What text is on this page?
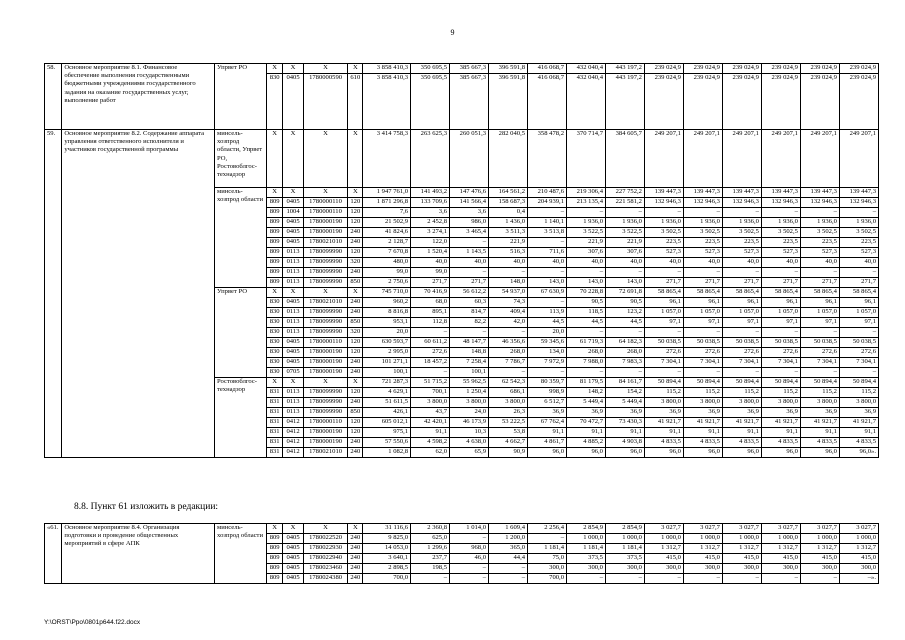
9
58.	Основное мероприятие 8.1. Финансовое обеспечение выполнения государственными бюджетными учреждениями государственного задания на оказание государственных услуг, выполнение работ	Упрвет РО	X	X	X	X	3 858 410,3	350 695,5	385 667,3	396 591,8	416 068,7	432 040,4	443 197,2	239 024,9	239 024,9	239 024,9	239 024,9	239 024,9	239 024,9
			830	0405	1780000590	610	3 858 410,3	350 695,5	385 667,3	396 591,8	416 068,7	432 040,4	443 197,2	239 024,9	239 024,9	239 024,9	239 024,9	239 024,9	239 024,9
59.	Основное мероприятие 8.2. Содержание аппарата управления ответственного исполнителя и участников государственной программы	минсель-хозпрод области, Упрвет РО, Ростовоблгос-технадзор	X	X	X	X	3 414 758,3	263 625,3	260 051,3	282 040,5	358 478,2	370 714,7	384 605,7	249 207,1	249 207,1	249 207,1	249 207,1	249 207,1	249 207,1
		минсель-хозпрод области	X	X	X	X	1 947 761,0	141 493,2	147 476,6	164 561,2	210 487,6	219 306,4	227 752,2	139 447,3	139 447,3	139 447,3	139 447,3	139 447,3	139 447,3
			809	0405	1780000110	120	1 871 296,8	133 709,6	141 566,4	158 687,3	204 939,1	213 135,4	221 581,2	132 946,3	132 946,3	132 946,3	132 946,3	132 946,3	132 946,3
			809	1004	1780000110	120	7,6	3,6	3,6	0,4	–	–	–	–	–	–	–	–	–
			809	0405	1780000190	120	21 502,9	2 452,8	986,0	1 436,0	1 140,1	1 936,0	1 936,0	1 936,0	1 936,0	1 936,0	1 936,0	1 936,0	1 936,0
			809	0405	1780000190	240	41 824,6	3 274,1	3 465,4	3 511,3	3 513,8	3 522,5	3 522,5	3 502,5	3 502,5	3 502,5	3 502,5	3 502,5	3 502,5
			809	0405	1780021010	240	2 128,7	122,0	–	221,9	–	221,9	221,9	223,5	223,5	223,5	223,5	223,5	223,5
			809	0113	1780099990	120	7 670,8	1 520,4	1 143,5	516,3	711,6	307,6	307,6	527,3	527,3	527,3	527,3	527,3	527,3
			809	0113	1780099990	320	480,0	40,0	40,0	40,0	40,0	40,0	40,0	40,0	40,0	40,0	40,0	40,0	40,0
			809	0113	1780099990	240	99,0	99,0	–	–	–	–	–	–	–	–	–	–	–
			809	0113	1780099990	850	2 750,6	271,7	271,7	148,0	143,0	143,0	143,0	271,7	271,7	271,7	271,7	271,7	271,7
		Упрвет РО	X	X	X	X	745 710,0	70 416,9	56 612,2	54 937,0	67 630,9	70 228,8	72 691,8	58 865,4	58 865,4	58 865,4	58 865,4	58 865,4	58 865,4
			830	0405	1780021010	240	960,2	68,0	60,3	74,3	–	90,5	90,5	96,1	96,1	96,1	96,1	96,1	96,1
			830	0113	1780099990	240	8 816,8	895,1	814,7	409,4	113,9	118,5	123,2	1 057,0	1 057,0	1 057,0	1 057,0	1 057,0	1 057,0
			830	0113	1780099990	850	953,1	112,8	82,2	42,0	44,5	44,5	44,5	97,1	97,1	97,1	97,1	97,1	97,1
			830	0113	1780099990	320	20,0	–	–	–	20,0	–	–	–	–	–	–	–	–
			830	0405	1780000110	120	630 593,7	60 611,2	48 147,7	46 356,6	59 345,6	61 719,3	64 182,3	50 038,5	50 038,5	50 038,5	50 038,5	50 038,5	50 038,5
			830	0405	1780000190	120	2 995,0	272,6	148,8	268,0	134,0	268,0	268,0	272,6	272,6	272,6	272,6	272,6	272,6
			830	0405	1780000190	240	101 271,1	18 457,2	7 258,4	7 786,7	7 972,9	7 988,0	7 983,3	7 304,1	7 304,1	7 304,1	7 304,1	7 304,1	7 304,1
			830	0705	1780000190	240	100,1	–	100,1	–	–	–	–	–	–	–	–	–	–
		Ростовоблгос-технадзор	X	X	X	X	721 287,3	51 715,2	55 962,5	62 542,3	80 359,7	81 179,5	84 161,7	50 894,4	50 894,4	50 894,4	50 894,4	50 894,4	50 894,4
			831	0113	1780099990	120	4 629,1	700,1	1 250,4	686,1	998,9	148,2	154,2	115,2	115,2	115,2	115,2	115,2	115,2
			831	0113	1780099990	240	51 611,5	3 800,0	3 800,0	3 800,0	6 512,7	5 449,4	5 449,4	3 800,0	3 800,0	3 800,0	3 800,0	3 800,0	3 800,0
			831	0113	1780099990	850	426,1	43,7	24,0	26,3	36,9	36,9	36,9	36,9	36,9	36,9	36,9	36,9	36,9
			831	0412	1780000110	120	605 012,1	42 420,1	46 173,9	53 222,5	67 762,4	70 472,7	73 430,3	41 921,7	41 921,7	41 921,7	41 921,7	41 921,7	41 921,7
			831	0412	1780000190	120	975,1	91,1	10,3	53,8	91,1	91,1	91,1	91,1	91,1	91,1	91,1	91,1	91,1
			831	0412	1780000190	240	57 550,6	4 598,2	4 638,0	4 662,7	4 861,7	4 885,2	4 903,8	4 833,5	4 833,5	4 833,5	4 833,5	4 833,5	4 833,5
			831	0412	1780021010	240	1 082,8	62,0	65,9	90,9	96,0	96,0	96,0	96,0	96,0	96,0	96,0	96,0	96,0».
8.8. Пункт 61 изложить в редакции:
«61.	Основное мероприятие 8.4. Организация подготовки и проведение общественных мероприятий в сфере АПК	минсель-хозпрод области	X	X	X	X	31 116,6	2 360,8	1 014,0	1 609,4	2 256,4	2 854,9	2 854,9	3 027,7	3 027,7	3 027,7	3 027,7	3 027,7	3 027,7
			809	0405	1780022520	240	9 825,0	625,0	–	1 200,0	–	1 000,0	1 000,0	1 000,0	1 000,0	1 000,0	1 000,0	1 000,0	1 000,0
			809	0405	1780022930	240	14 053,0	1 299,6	968,0	365,0	1 181,4	1 181,4	1 181,4	1 312,7	1 312,7	1 312,7	1 312,7	1 312,7	1 312,7
			809	0405	1780022940	240	3 640,1	237,7	46,0	44,4	75,0	373,5	373,5	415,0	415,0	415,0	415,0	415,0	415,0
			809	0405	1780023460	240	2 898,5	198,5	–	–	300,0	300,0	300,0	300,0	300,0	300,0	300,0	300,0	300,0
			809	0405	1780024380	240	700,0	–	–	–	700,0	–	–	–	–	–	–	–	–».
Y:\ORST\Ppo\0801p644.f22.docx
